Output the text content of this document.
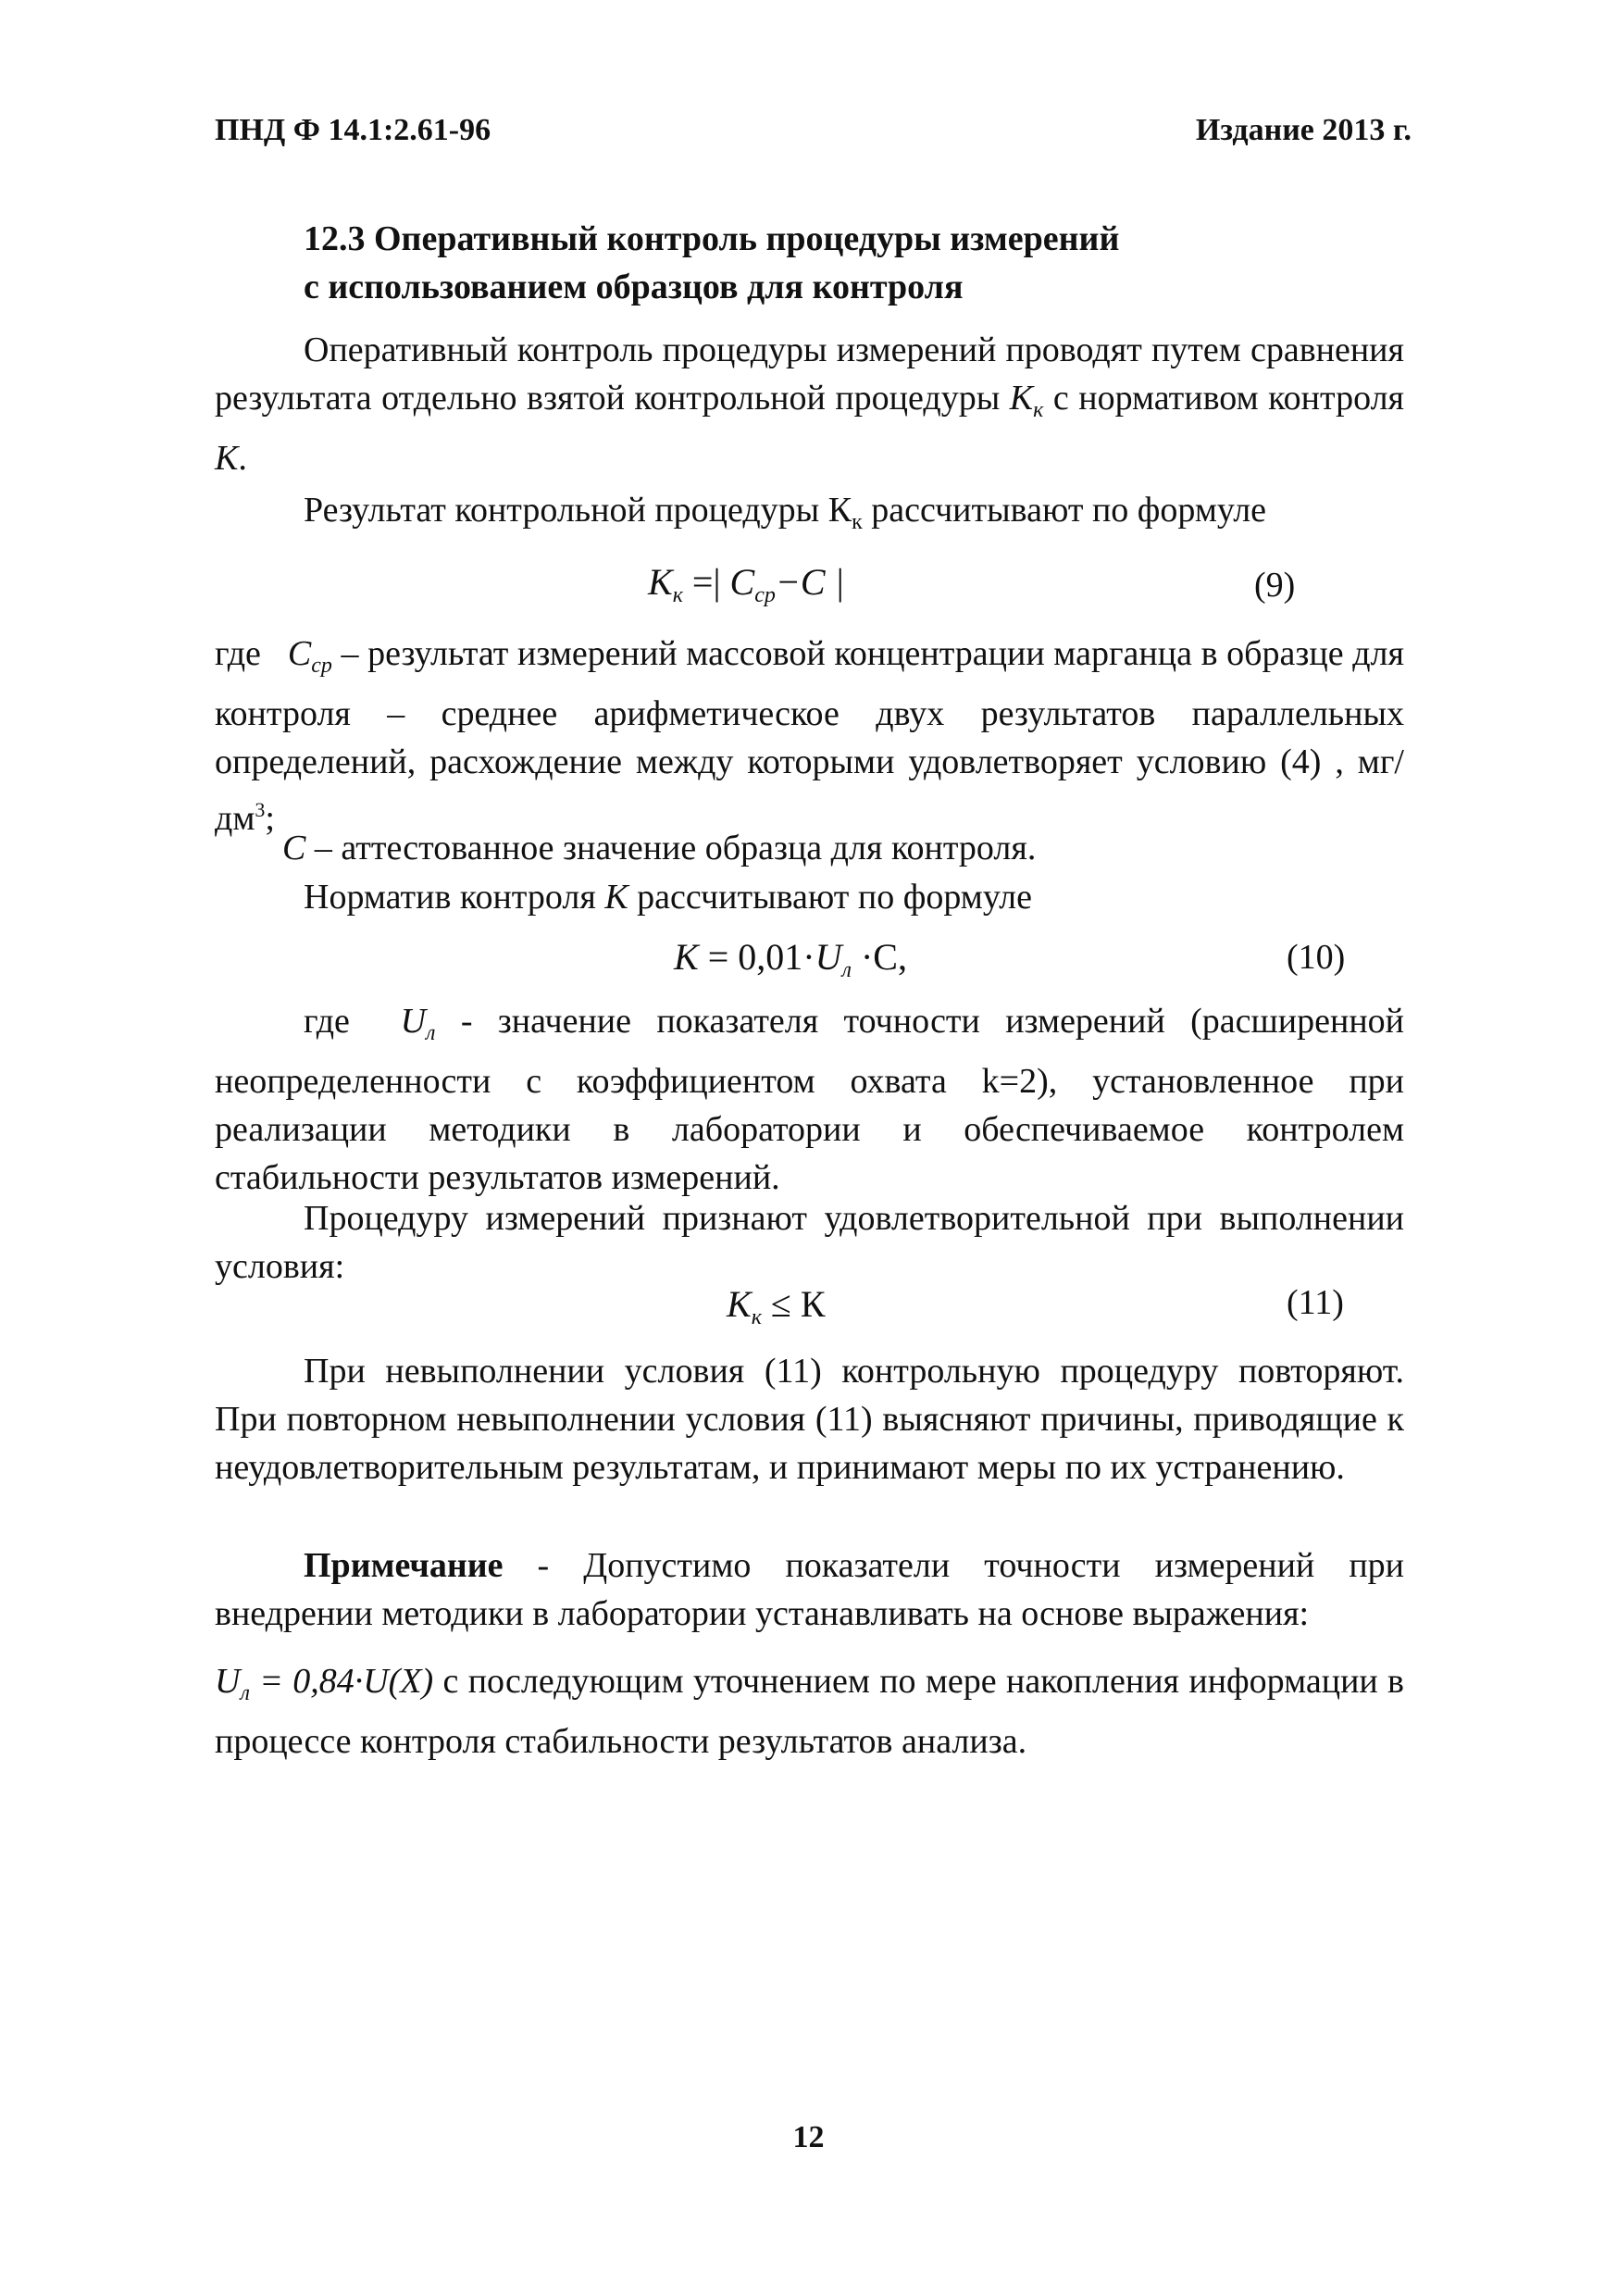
ПНД Ф 14.1:2.61-96	Издание 2013 г.
12.3 Оперативный контроль процедуры измерений
с использованием образцов для контроля
Оперативный контроль процедуры измерений проводят путем сравнения результата отдельно взятой контрольной процедуры $K_к$ с нормативом контроля K.
Результат контрольной процедуры $К_к$ рассчитывают по формуле
$K_к$ =| $C_{ср}-C$ |	(9)
где $C_{ср}$ – результат измерений массовой концентрации марганца в образце для контроля – среднее арифметическое двух результатов параллельных определений, расхождение между которыми удовлетворяет условию (4) , $мг/дм^3$;
C – аттестованное значение образца для контроля.
Норматив контроля K рассчитывают по формуле
$K = 0,01\cdot U_л \cdot С$,	(10)
где $U_л$ - значение показателя точности измерений (расширенной неопределенности с коэффициентом охвата k=2), установленное при реализации методики в лаборатории и обеспечиваемое контролем стабильности результатов измерений.
Процедуру измерений признают удовлетворительной при выполнении условия:
$K_к \le К$	(11)
При невыполнении условия (11) контрольную процедуру повторяют. При повторном невыполнении условия (11) выясняют причины, приводящие к неудовлетворительным результатам, и принимают меры по их устранению.
Примечание - Допустимо показатели точности измерений при внедрении методики в лаборатории устанавливать на основе выражения:
$U_л = 0,84\cdot U(X)$ с последующим уточнением по мере накопления информации в процессе контроля стабильности результатов анализа.
12
